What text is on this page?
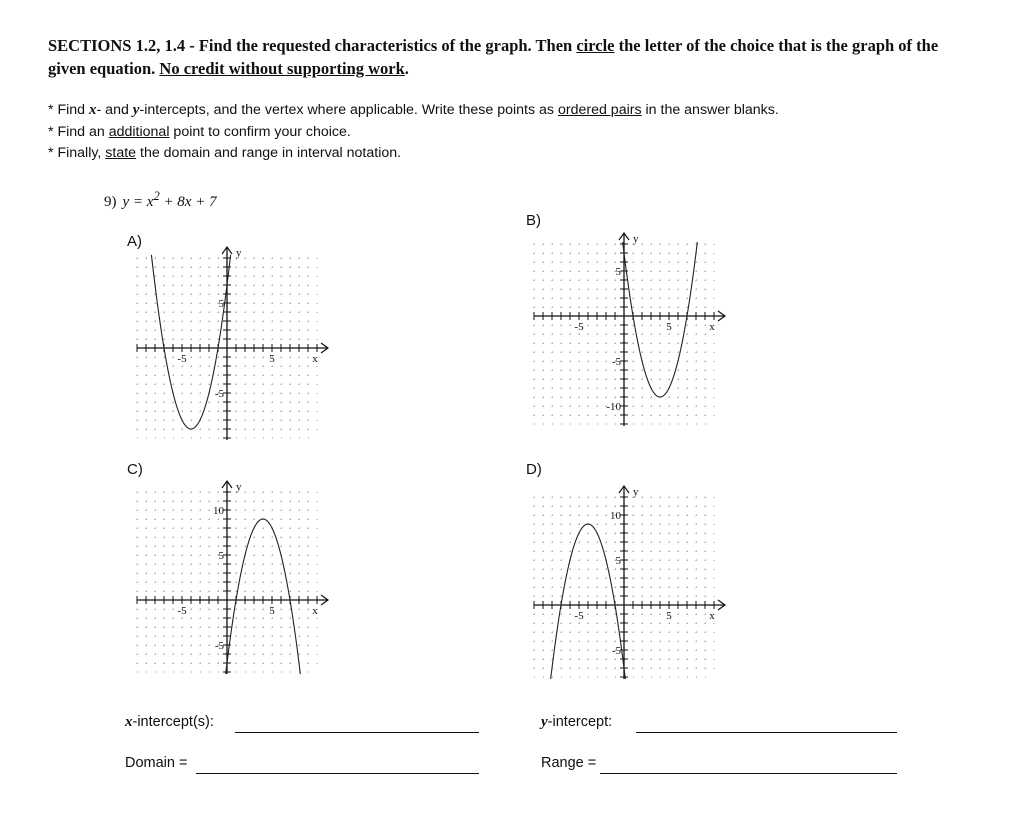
SECTIONS 1.2, 1.4 - Find the requested characteristics of the graph. Then circle the letter of the choice that is the graph of the given equation. No credit without supporting work.
* Find x- and y-intercepts, and the vertex where applicable. Write these points as ordered pairs in the answer blanks.
* Find an additional point to confirm your choice.
* Finally, state the domain and range in interval notation.
9) $y = x^2 + 8x + 7$
A)
B)
C)	D)
-5	5	x
y
5
-5
-5	5	x
y
5
-5
-10
-5	5	x
y
10
5
-5
-5	5	x
y
10
5
-5
x-intercept(s):	y-intercept:
Domain =	Range =
